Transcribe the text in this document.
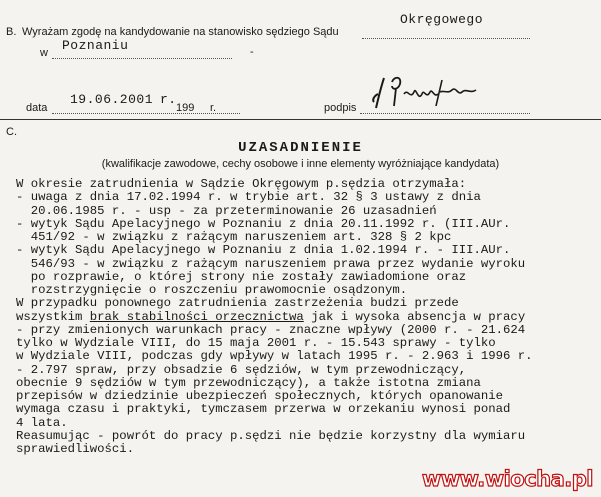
B. Wyrażam zgodę na kandydowanie na stanowisko sędziego Sądu
Okręgowego
w Poznaniu	-
data
19.06.2001 r.
199 r.	podpis
C.
UZASADNIENIE
(kwalifikacje zawodowe, cechy osobowe i inne elementy wyróżniające kandydata)
W okresie zatrudnienia w Sądzie Okręgowym p.sędzia otrzymała:
- uwaga z dnia 17.02.1994 r. w trybie art. 32 § 3 ustawy z dnia
20.06.1985 r. - usp - za przeterminowanie 26 uzasadnień
- wytyk Sądu Apelacyjnego w Poznaniu z dnia 20.11.1992 r. (III.AUr.
451/92 - w związku z rażącym naruszeniem art. 328 § 2 kpc
- wytyk Sądu Apelacyjnego w Poznaniu z dnia 1.02.1994 r. - III.AUr.
546/93 - w związku z rażącym naruszeniem prawa przez wydanie wyroku
po rozprawie, o której strony nie zostały zawiadomione oraz
rozstrzygnięcie o roszczeniu prawomocnie osądzonym.
W przypadku ponownego zatrudnienia zastrzeżenia budzi przede
wszystkim brak stabilności orzecznictwa jak i wysoka absencja w pracy
- przy zmienionych warunkach pracy - znaczne wpływy (2000 r. - 21.624
tylko w Wydziale VIII, do 15 maja 2001 r. - 15.543 sprawy - tylko
w Wydziale VIII, podczas gdy wpływy w latach 1995 r. - 2.963 i 1996 r.
- 2.797 spraw, przy obsadzie 6 sędziów, w tym przewodniczący,
obecnie 9 sędziów w tym przewodniczący), a także istotna zmiana
przepisów w dziedzinie ubezpieczeń społecznych, których opanowanie
wymaga czasu i praktyki, tymczasem przerwa w orzekaniu wynosi ponad
4 lata.
Reasumując - powrót do pracy p.sędzi nie będzie korzystny dla wymiaru
sprawiedliwości.
www.wiocha.pl
